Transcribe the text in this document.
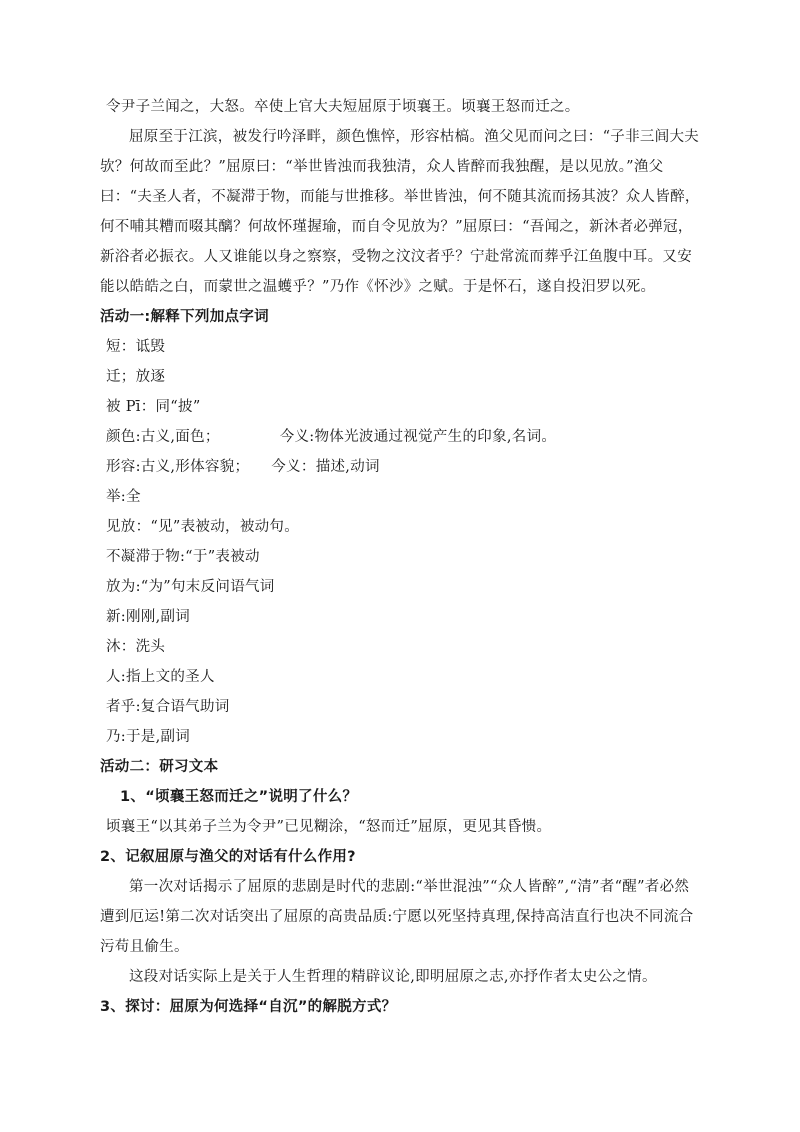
令尹子兰闻之，大怒。卒使上官大夫短屈原于顷襄王。顷襄王怒而迁之。

屈原至于江滨，被发行吟泽畔，颜色憔悴，形容枯槁。渔父见而问之曰：“子非三闾大夫欤？何故而至此？”屈原曰：“举世皆浊而我独清，众人皆醉而我独醒，是以见放。”渔父曰：“夫圣人者，不凝滞于物，而能与世推移。举世皆浊，何不随其流而扬其波？众人皆醉，何不哺其糟而啜其醨？何故怀瑾握瑜，而自令见放为？”屈原曰：“吾闻之，新沐者必弹冠，新浴者必振衣。人又谁能以身之察察，受物之汶汶者乎？宁赴常流而葬乎江鱼腹中耳。又安能以皓皓之白，而蒙世之温蠖乎？”乃作《怀沙》之赋。于是怀石，遂自投汨罗以死。

活动一:解释下列加点字词

短：诋毁

迁；放逐

被 Pī：同“披”

颜色:古义,面色；	今义:物体光波通过视觉产生的印象,名词。

形容:古义,形体容貌； 今义：描述,动词

举:全

见放：“见”表被动，被动句。

不凝滞于物:“于”表被动

放为:“为”句末反问语气词

新:刚刚,副词

沐：洗头

人:指上文的圣人

者乎:复合语气助词

乃:于是,副词

活动二：研习文本

1、“顷襄王怒而迁之”说明了什么？

顷襄王“以其弟子兰为令尹”已见糊涂，“怒而迁”屈原，更见其昏愦。

2、记叙屈原与渔父的对话有什么作用?

第一次对话揭示了屈原的悲剧是时代的悲剧:“举世混浊”“众人皆醉”,“清”者“醒”者必然遭到厄运!第二次对话突出了屈原的高贵品质:宁愿以死坚持真理,保持高洁直行也决不同流合污苟且偷生。

这段对话实际上是关于人生哲理的精辟议论,即明屈原之志,亦抒作者太史公之情。

3、探讨：屈原为何选择“自沉”的解脱方式？
